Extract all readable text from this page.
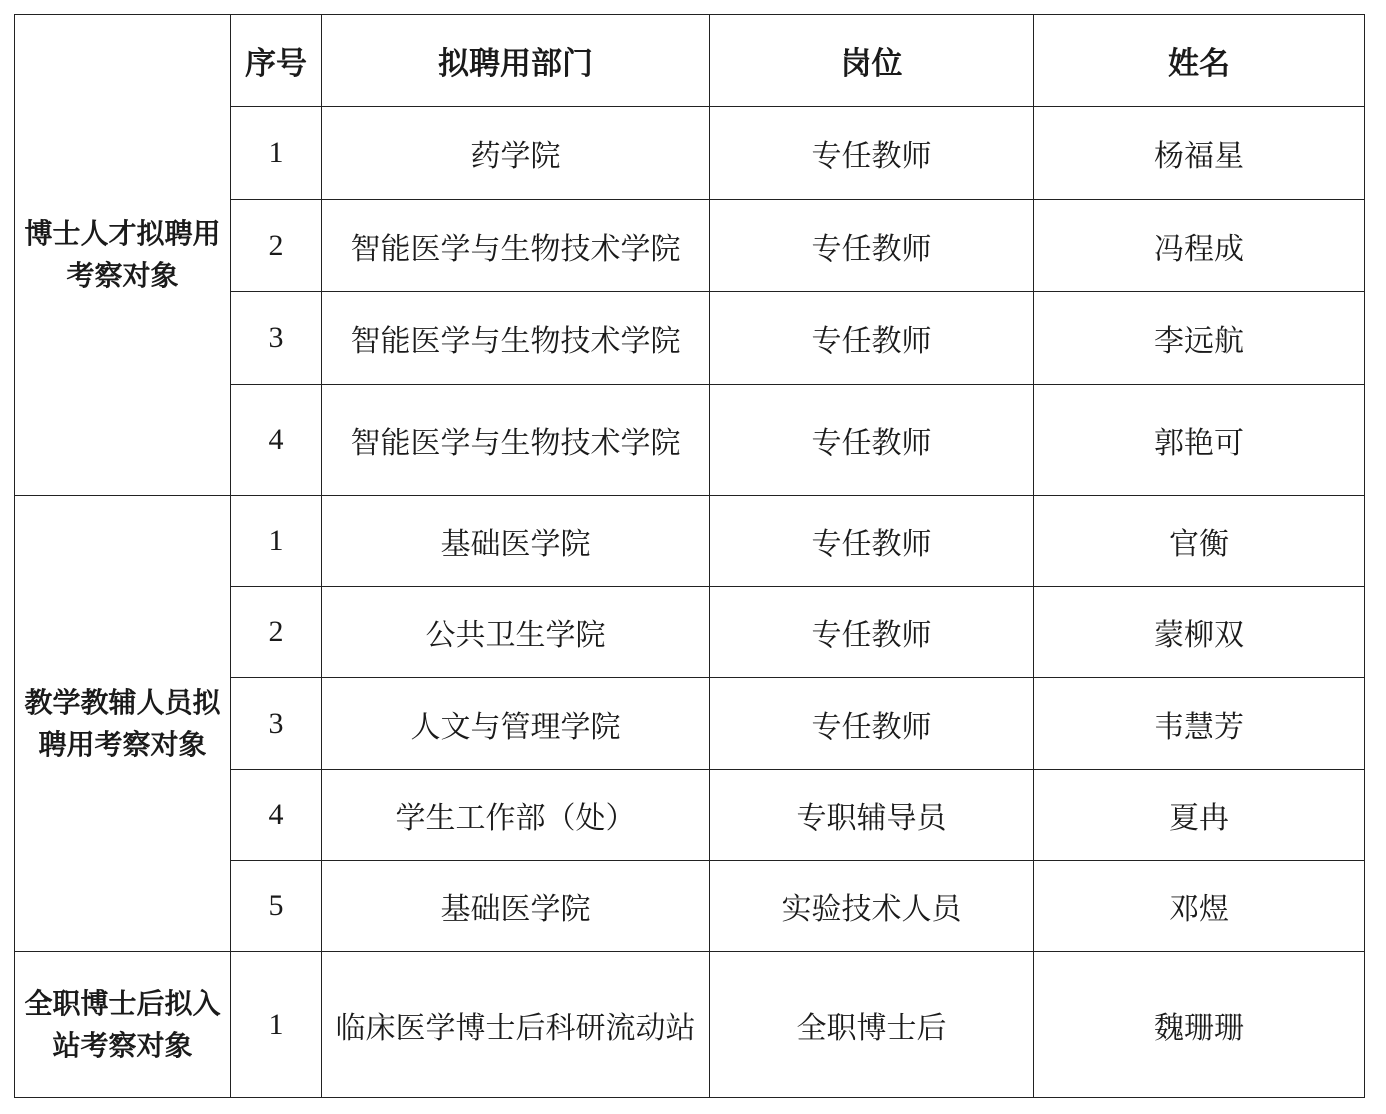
博士人才拟聘用考察对象	序号	拟聘用部门	岗位	姓名
	1	药学院	专任教师	杨福星
	2	智能医学与生物技术学院	专任教师	冯程成
	3	智能医学与生物技术学院	专任教师	李远航
	4	智能医学与生物技术学院	专任教师	郭艳可
教学教辅人员拟聘用考察对象	1	基础医学院	专任教师	官衡
	2	公共卫生学院	专任教师	蒙柳双
	3	人文与管理学院	专任教师	韦慧芳
	4	学生工作部（处）	专职辅导员	夏冉
	5	基础医学院	实验技术人员	邓煜
全职博士后拟入站考察对象	1	临床医学博士后科研流动站	全职博士后	魏珊珊
